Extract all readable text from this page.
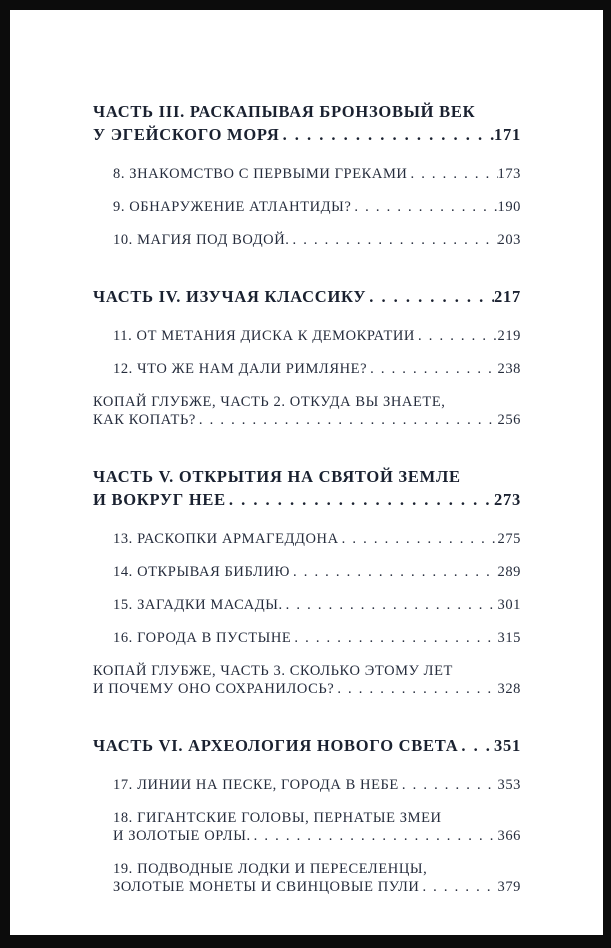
ЧАСТЬ III. РАСКАПЫВАЯ БРОНЗОВЫЙ ВЕК
У ЭГЕЙСКОГО МОРЯ . . .	171
8. ЗНАКОМСТВО С ПЕРВЫМИ ГРЕКАМИ . . .	173
9. ОБНАРУЖЕНИЕ АТЛАНТИДЫ? . . .	190
10. МАГИЯ ПОД ВОДОЙ. . . .	203
ЧАСТЬ IV. ИЗУЧАЯ КЛАССИКУ . . .	217
11. ОТ МЕТАНИЯ ДИСКА К ДЕМОКРАТИИ . . .	219
12. ЧТО ЖЕ НАМ ДАЛИ РИМЛЯНЕ? . . .	238
КОПАЙ ГЛУБЖЕ, ЧАСТЬ 2. ОТКУДА ВЫ ЗНАЕТЕ,
КАК КОПАТЬ? . . .	256
ЧАСТЬ V. ОТКРЫТИЯ НА СВЯТОЙ ЗЕМЛЕ
И ВОКРУГ НЕЕ . . .	273
13. РАСКОПКИ АРМАГЕДДОНА . . .	275
14. ОТКРЫВАЯ БИБЛИЮ . . .	289
15. ЗАГАДКИ МАСАДЫ. . . .	301
16. ГОРОДА В ПУСТЫНЕ . . .	315
КОПАЙ ГЛУБЖЕ, ЧАСТЬ 3. СКОЛЬКО ЭТОМУ ЛЕТ
И ПОЧЕМУ ОНО СОХРАНИЛОСЬ? . . .	328
ЧАСТЬ VI. АРХЕОЛОГИЯ НОВОГО СВЕТА . . . 351
17. ЛИНИИ НА ПЕСКЕ, ГОРОДА В НЕБЕ . . .	353
18. ГИГАНТСКИЕ ГОЛОВЫ, ПЕРНАТЫЕ ЗМЕИ
И ЗОЛОТЫЕ ОРЛЫ. . . .	366
19. ПОДВОДНЫЕ ЛОДКИ И ПЕРЕСЕЛЕНЦЫ,
ЗОЛОТЫЕ МОНЕТЫ И СВИНЦОВЫЕ ПУЛИ . . .	379
